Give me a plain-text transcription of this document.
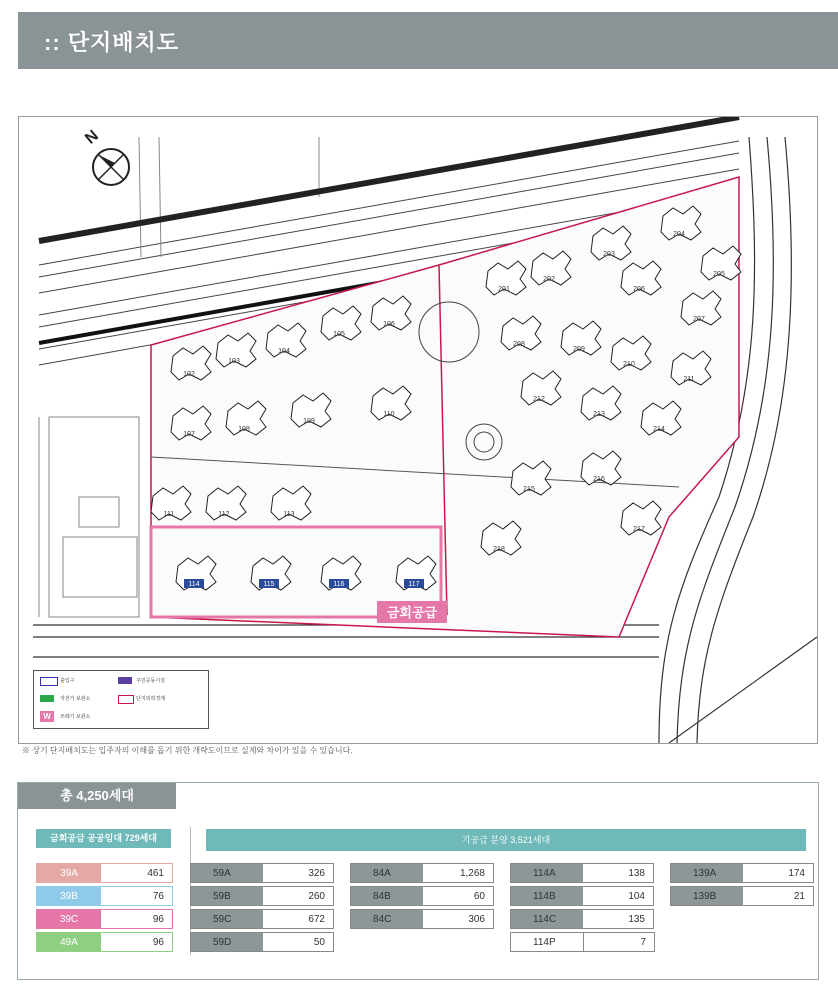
:: 단지배치도
N
금회공급
102
103
104
105
106
107
108
109
110
111	112	113
114	115	116	117
201
202
203
204
205
206
207
208
209
210
211
212
213
214
215
216
217
218
출입구	주민공동시설
자전거 보관소	단지외곽경계
W	쓰레기 보관소
※ 상기 단지배치도는 입주자의 이해를 돕기 위한 개략도이므로 실제와 차이가 있을 수 있습니다.
총 4,250세대
금회공급 공공임대 729세대	기공급 분양 3,521세대
39A	461
39B	76
39C	96
49A	96
59A	326
59B	260
59C	672
59D	50
84A	1,268
84B	60
84C	306
114A	138
114B	104
114C	135
114P	7
139A	174
139B	21
